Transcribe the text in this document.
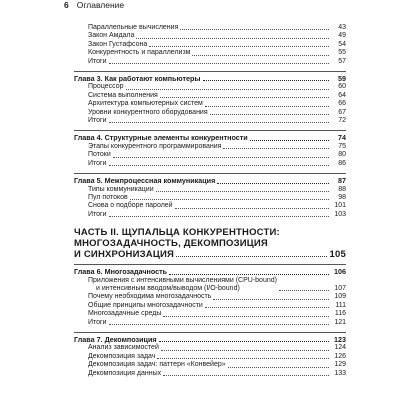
6 Оглавление
Параллельные вычисления	43
Закон Амдала	49
Закон Густафсона	54
Конкурентность и параллелизм	55
Итоги	57
Глава 3. Как работают компьютеры	59
Процессор	60
Система выполнения	64
Архитектура компьютерных систем	66
Уровни конкурентного оборудования	67
Итоги	72
Глава 4. Структурные элементы конкурентности	74
Этапы конкурентного программирования	75
Потоки	80
Итоги	86
Глава 5. Межпроцессная коммуникация	87
Типы коммуникации	88
Пул потоков	98
Снова о подборе паролей	101
Итоги	103
ЧАСТЬ II. ЩУПАЛЬЦА КОНКУРЕНТНОСТИ:
МНОГОЗАДАЧНОСТЬ, ДЕКОМПОЗИЦИЯ
И СИНХРОНИЗАЦИЯ	105
Глава 6. Многозадачность	106
Приложения с интенсивными вычислениями (CPU-bound)
и интенсивным вводом/выводом (I/O-bound)	107
Почему необходима многозадачность	109
Общие принципы многозадачности	111
Многозадачные среды	116
Итоги	121
Глава 7. Декомпозиция	123
Анализ зависимостей	124
Декомпозиция задач	126
Декомпозиция задач: паттерн «Конвейер»	129
Декомпозиция данных	133
